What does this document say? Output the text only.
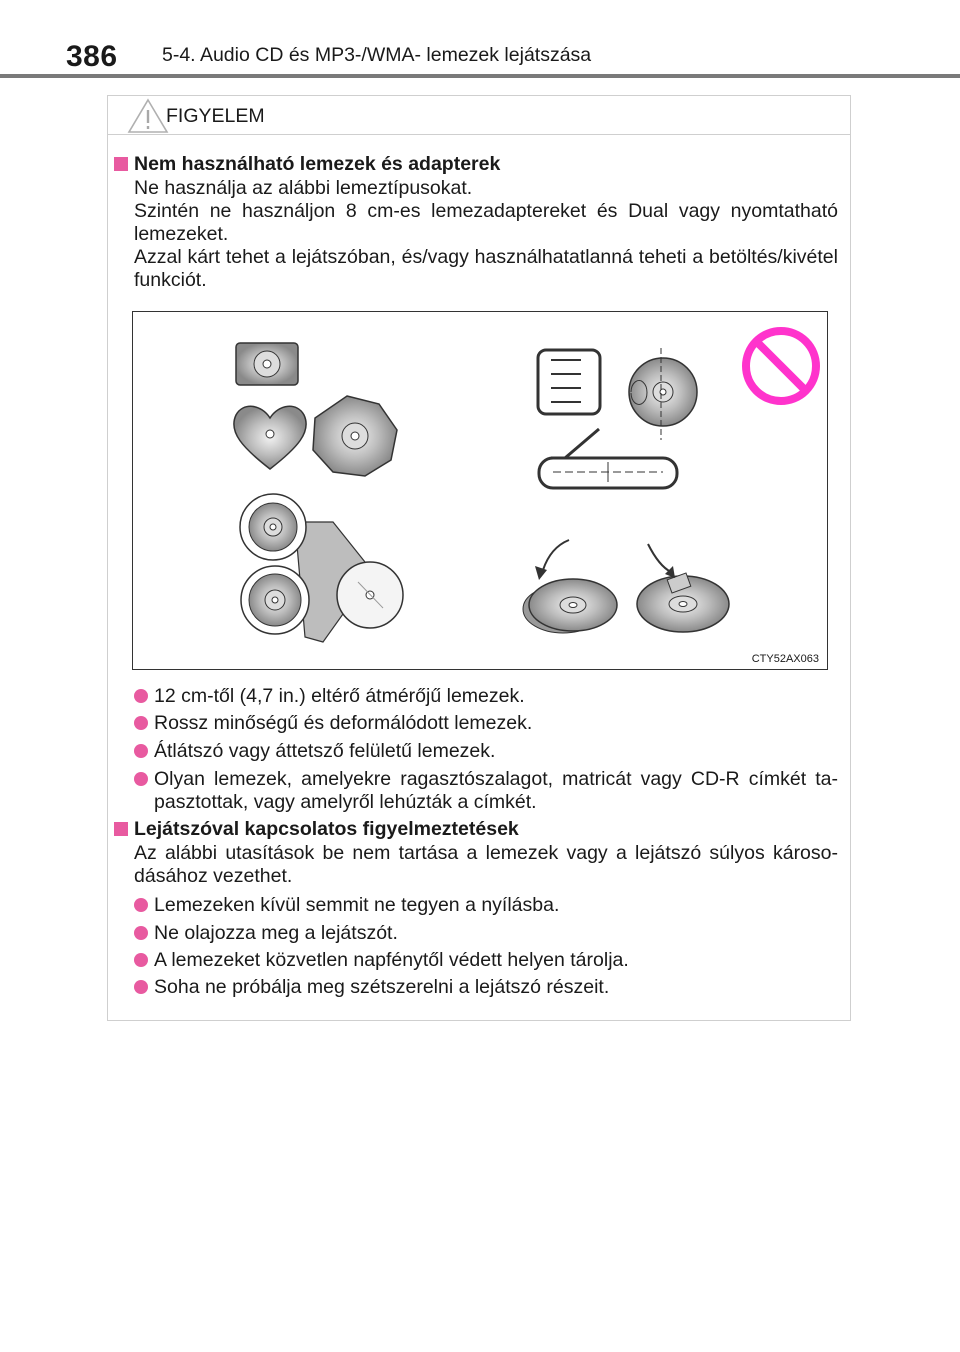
386 5-4. Audio CD és MP3-/WMA- lemezek lejátszása
FIGYELEM
Nem használható lemezek és adapterek
Ne használja az alábbi lemeztípusokat.
Szintén ne használjon 8 cm-es lemezadaptereket és Dual vagy nyomtatható lemezeket.
Azzal kárt tehet a lejátszóban, és/vagy használhatatlanná teheti a betöltés/kivétel funkciót.
CTY52AX063
12 cm-től (4,7 in.) eltérő átmérőjű lemezek.
Rossz minőségű és deformálódott lemezek.
Átlátszó vagy áttetsző felületű lemezek.
Olyan lemezek, amelyekre ragasztószalagot, matricát vagy CD-R címkét tapasztottak, vagy amelyről lehúzták a címkét.
Lejátszóval kapcsolatos figyelmeztetések
Az alábbi utasítások be nem tartása a lemezek vagy a lejátszó súlyos károsodásához vezethet.
Lemezeken kívül semmit ne tegyen a nyílásba.
Ne olajozza meg a lejátszót.
A lemezeket közvetlen napfénytől védett helyen tárolja.
Soha ne próbálja meg szétszerelni a lejátszó részeit.
